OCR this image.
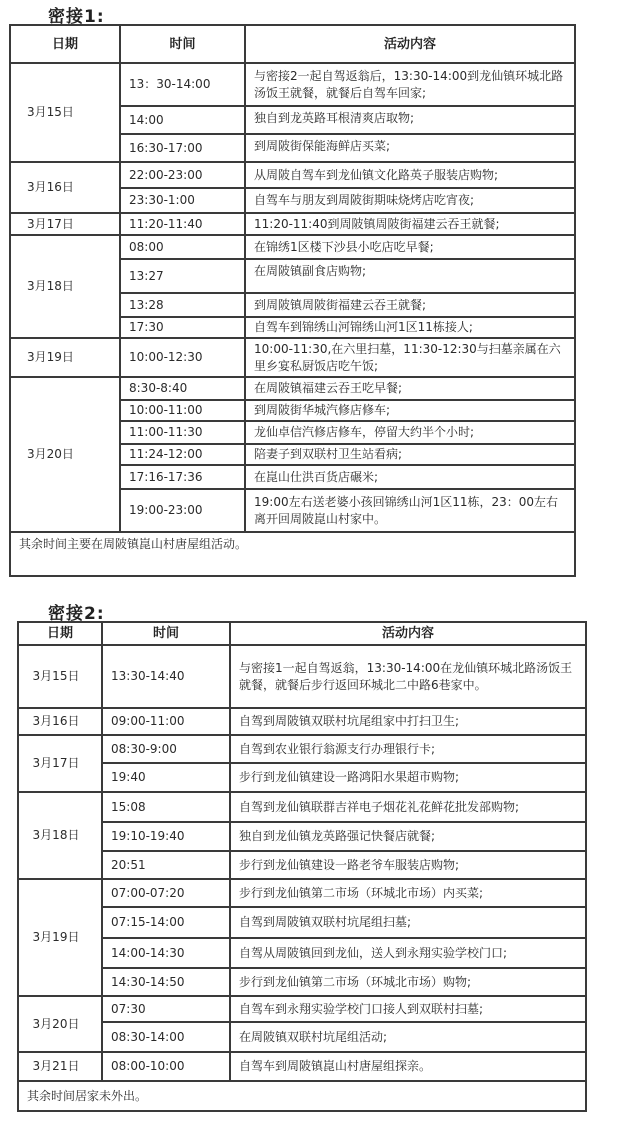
密接1:
日期	时间	活动内容
3月15日	13：30-14:00	与密接2一起自驾返翁后，13:30-14:00到龙仙镇环城北路汤饭王就餐，就餐后自驾车回家;
	14:00	独自到龙英路耳根清爽店取物;
	16:30-17:00	到周陂街保能海鲜店买菜;
3月16日	22:00-23:00	从周陂自驾车到龙仙镇文化路英子服装店购物;
	23:30-1:00	自驾车与朋友到周陂街期味烧烤店吃宵夜;
3月17日	11:20-11:40	11:20-11:40到周陂镇周陂街福建云吞王就餐;
3月18日	08:00	在锦绣1区楼下沙县小吃店吃早餐;
	13:27	在周陂镇副食店购物;
	13:28	到周陂镇周陂街福建云吞王就餐;
	17:30	自驾车到锦绣山河锦绣山河1区11栋接人;
3月19日	10:00-12:30	10:00-11:30,在六里扫墓，11:30-12:30与扫墓亲属在六里乡宴私厨饭店吃午饭;
3月20日	8:30-8:40	在周陂镇福建云吞王吃早餐;
	10:00-11:00	到周陂街华城汽修店修车;
	11:00-11:30	龙仙卓信汽修店修车，停留大约半个小时;
	11:24-12:00	陪妻子到双联村卫生站看病;
	17:16-17:36	在崑山仕洪百货店碾米;
	19:00-23:00	19:00左右送老婆小孩回锦绣山河1区11栋，23：00左右离开回周陂崑山村家中。
其余时间主要在周陂镇崑山村唐屋组活动。		
密接2:
日期	时间	活动内容
3月15日	13:30-14:40	与密接1一起自驾返翁，13:30-14:00在龙仙镇环城北路汤饭王就餐，就餐后步行返回环城北二中路6巷家中。
3月16日	09:00-11:00	自驾到周陂镇双联村坑尾组家中打扫卫生;
3月17日	08:30-9:00	自驾到农业银行翁源支行办理银行卡;
	19:40	步行到龙仙镇建设一路鸿阳水果超市购物;
3月18日	15:08	自驾到龙仙镇联群吉祥电子烟花礼花鲜花批发部购物;
	19:10-19:40	独自到龙仙镇龙英路强记快餐店就餐;
	20:51	步行到龙仙镇建设一路老爷车服装店购物;
3月19日	07:00-07:20	步行到龙仙镇第二市场（环城北市场）内买菜;
	07:15-14:00	自驾到周陂镇双联村坑尾组扫墓;
	14:00-14:30	自驾从周陂镇回到龙仙，送人到永翔实验学校门口;
	14:30-14:50	步行到龙仙镇第二市场（环城北市场）购物;
3月20日	07:30	自驾车到永翔实验学校门口接人到双联村扫墓;
	08:30-14:00	在周陂镇双联村坑尾组活动;
3月21日	08:00-10:00	自驾车到周陂镇崑山村唐屋组探亲。
其余时间居家未外出。		
